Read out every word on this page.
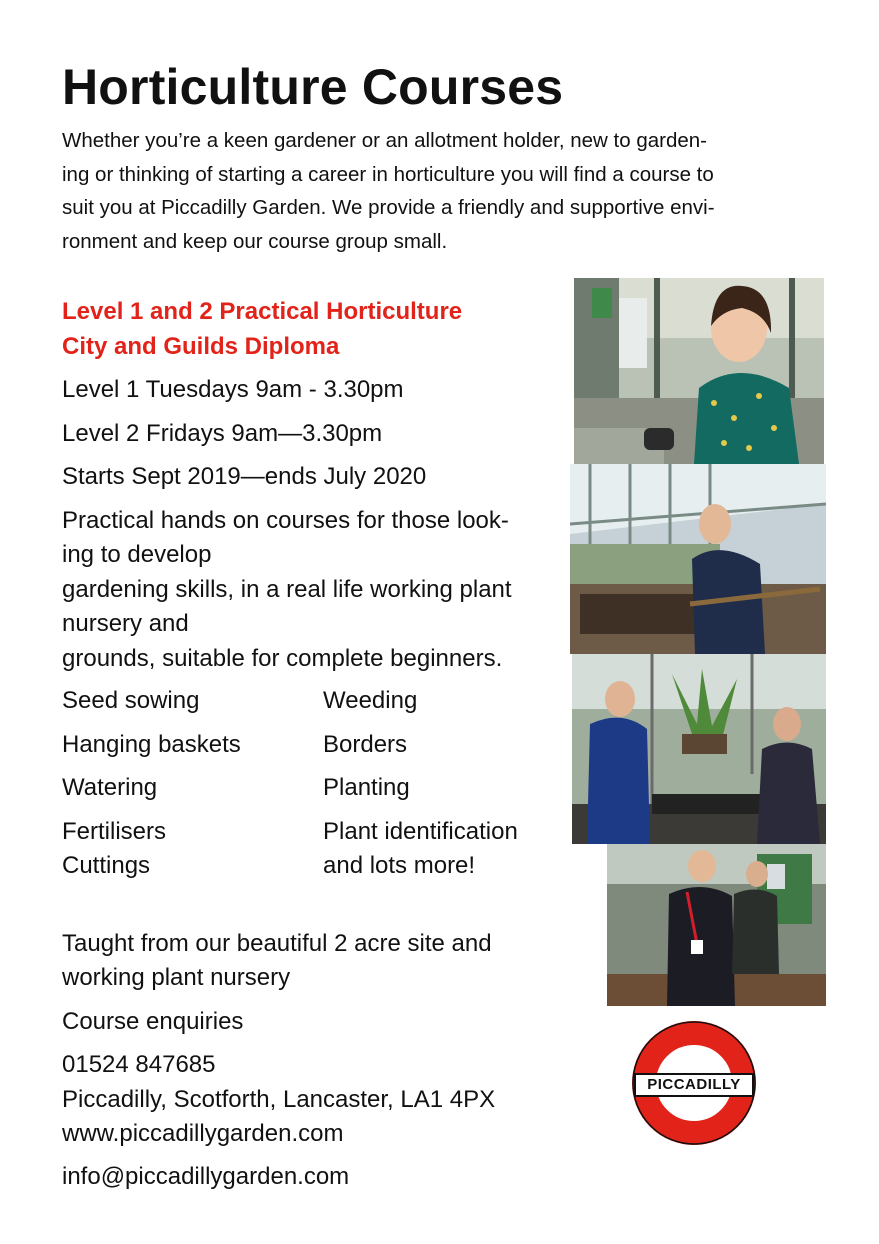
Horticulture Courses
Whether you’re a keen gardener or an allotment holder, new to garden-
ing or thinking of starting a career in horticulture you will find a course to
suit you at Piccadilly Garden. We provide a friendly and supportive envi-
ronment and keep our course group small.
Level 1 and 2 Practical Horticulture
City and Guilds Diploma
Level 1 Tuesdays 9am - 3.30pm
Level 2 Fridays 9am—3.30pm
Starts Sept 2019—ends July 2020
Practical hands on courses for those look-
ing to develop
gardening skills, in a real life working plant
nursery and
grounds, suitable for complete beginners.
Seed sowing
Hanging baskets
Watering
Fertilisers
Cuttings
Weeding
Borders
Planting
Plant identification
and lots more!
Taught from our beautiful 2 acre site and
working plant nursery
Course enquiries
01524 847685
Piccadilly, Scotforth, Lancaster, LA1 4PX
www.piccadillygarden.com
info@piccadillygarden.com
PICCADILLY
